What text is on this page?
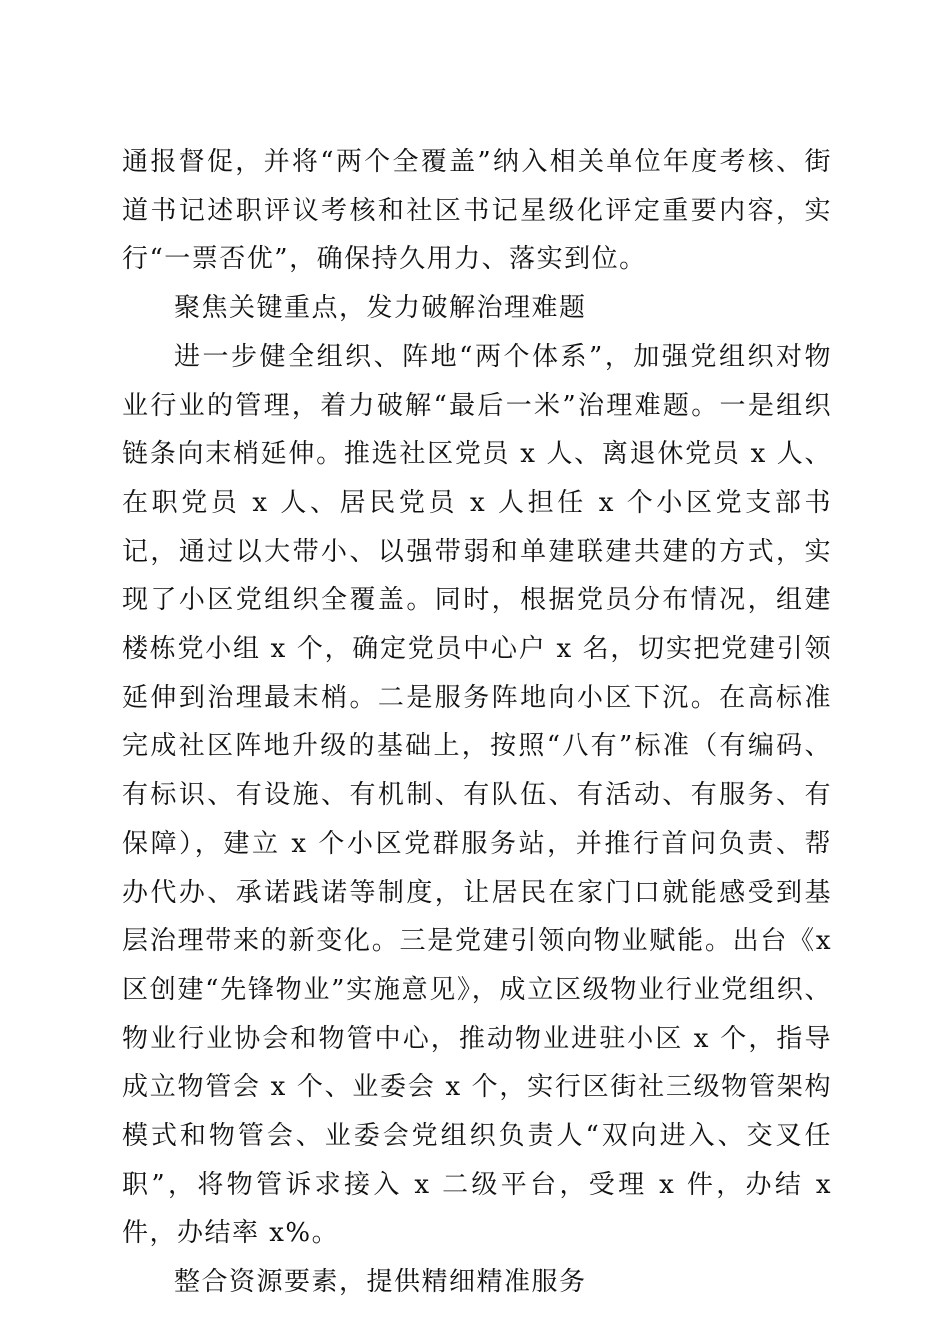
通报督促，并将“两个全覆盖”纳入相关单位年度考核、街道书记述职评议考核和社区书记星级化评定重要内容，实行“一票否优”，确保持久用力、落实到位。

聚焦关键重点，发力破解治理难题

进一步健全组织、阵地“两个体系”，加强党组织对物业行业的管理，着力破解“最后一米”治理难题。一是组织链条向末梢延伸。推选社区党员 x 人、离退休党员 x 人、在职党员 x 人、居民党员 x 人担任 x 个小区党支部书记，通过以大带小、以强带弱和单建联建共建的方式，实现了小区党组织全覆盖。同时，根据党员分布情况，组建楼栋党小组 x 个，确定党员中心户 x 名，切实把党建引领延伸到治理最末梢。二是服务阵地向小区下沉。在高标准完成社区阵地升级的基础上，按照“八有”标准（有编码、有标识、有设施、有机制、有队伍、有活动、有服务、有保障），建立 x 个小区党群服务站，并推行首问负责、帮办代办、承诺践诺等制度，让居民在家门口就能感受到基层治理带来的新变化。三是党建引领向物业赋能。出台《x 区创建“先锋物业”实施意见》，成立区级物业行业党组织、物业行业协会和物管中心，推动物业进驻小区 x 个，指导成立物管会 x 个、业委会 x 个，实行区街社三级物管架构模式和物管会、业委会党组织负责人“双向进入、交叉任职”，将物管诉求接入 x 二级平台，受理 x 件，办结 x 件，办结率 x%。

整合资源要素，提供精细精准服务
